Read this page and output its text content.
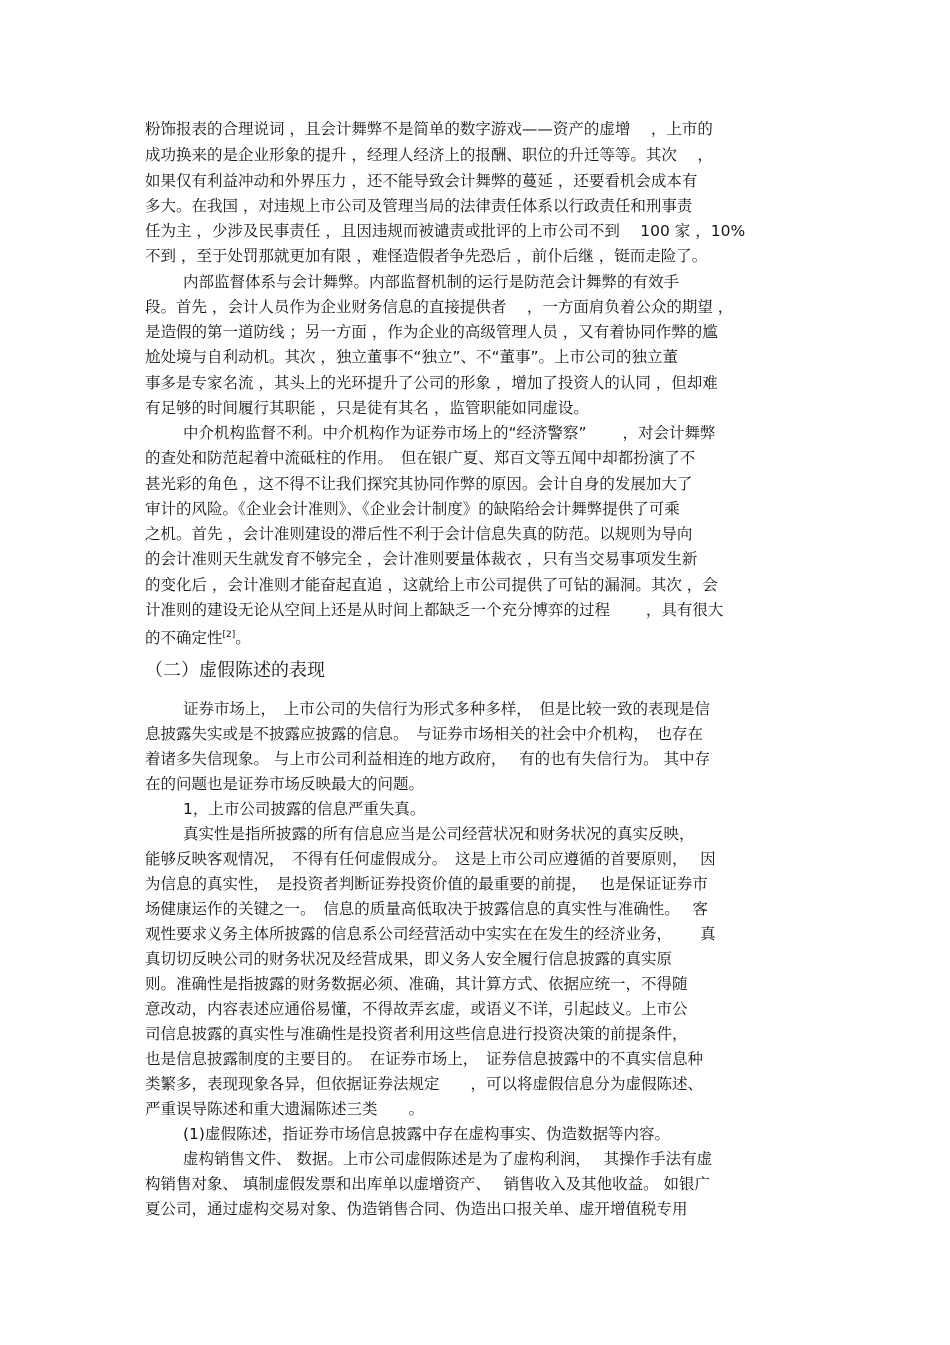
粉饰报表的合理说词 ，且会计舞弊不是简单的数字游戏——资产的虚增　 ，上市的
成功换来的是企业形象的提升 ，经理人经济上的报酬、职位的升迁等等。其次　 ，
如果仅有利益冲动和外界压力 ，还不能导致会计舞弊的蔓延 ，还要看机会成本有
多大。在我国 ，对违规上市公司及管理当局的法律责任体系以行政责任和刑事责
任为主 ，少涉及民事责任 ，且因违规而被谴责或批评的上市公司不到　 100 家 ，10%
不到 ，至于处罚那就更加有限 ，难怪造假者争先恐后 ，前仆后继 ，铤而走险了。
内部监督体系与会计舞弊。内部监督机制的运行是防范会计舞弊的有效手
段。首先 ，会计人员作为企业财务信息的直接提供者　 ，一方面肩负着公众的期望 ，
是造假的第一道防线 ；另一方面 ，作为企业的高级管理人员 ，又有着协同作弊的尴
尬处境与自利动机。其次 ，独立董事不“独立”、不“董事”。上市公司的独立董
事多是专家名流 ，其头上的光环提升了公司的形象 ，增加了投资人的认同 ，但却难
有足够的时间履行其职能 ，只是徒有其名 ，监管职能如同虚设。
中介机构监督不利。中介机构作为证券市场上的“经济警察”　　 ，对会计舞弊
的查处和防范起着中流砥柱的作用。　但在银广夏、郑百文等五闻中却都扮演了不
甚光彩的角色 ，这不得不让我们探究其协同作弊的原因。会计自身的发展加大了
审计的风险。《企业会计准则》、《企业会计制度》的缺陷给会计舞弊提供了可乘
之机。首先 ，会计准则建设的滞后性不利于会计信息失真的防范。以规则为导向
的会计准则天生就发育不够完全 ，会计准则要量体裁衣 ，只有当交易事项发生新
的变化后 ，会计准则才能奋起直追 ，这就给上市公司提供了可钻的漏洞。其次 ，会
计准则的建设无论从空间上还是从时间上都缺乏一个充分博弈的过程　　 ，具有很大
的不确定性[2]。
（二）虚假陈述的表现
证券市场上，　上市公司的失信行为形式多种多样，　但是比较一致的表现是信
息披露失实或是不披露应披露的信息。　与证券市场相关的社会中介机构，　也存在
着诸多失信现象。 与上市公司利益相连的地方政府，　 有的也有失信行为。 其中存
在的问题也是证券市场反映最大的问题。
1，上市公司披露的信息严重失真。
真实性是指所披露的所有信息应当是公司经营状况和财务状况的真实反映，
能够反映客观情况，　不得有任何虚假成分。　这是上市公司应遵循的首要原则，　 因
为信息的真实性，　是投资者判断证券投资价值的最重要的前提，　 也是保证证券市
场健康运作的关键之一。　信息的质量高低取决于披露信息的真实性与准确性。　 客
观性要求义务主体所披露的信息系公司经营活动中实实在在发生的经济业务，　　 真
真切切反映公司的财务状况及经营成果，即义务人安全履行信息披露的真实原
则。准确性是指披露的财务数据必须、准确，其计算方式、依据应统一，不得随
意改动，内容表述应通俗易懂，不得故弄玄虚，或语义不详，引起歧义。上市公
司信息披露的真实性与准确性是投资者利用这些信息进行投资决策的前提条件，
也是信息披露制度的主要目的。　在证券市场上，　证券信息披露中的不真实信息种
类繁多，表现现象各异，但依据证券法规定　　，可以将虚假信息分为虚假陈述、
严重误导陈述和重大遗漏陈述三类　　。
(1)虚假陈述，指证券市场信息披露中存在虚构事实、伪造数据等内容。
虚构销售文件、 数据。上市公司虚假陈述是为了虚构利润，　 其操作手法有虚
构销售对象、 填制虚假发票和出库单以虚增资产、　 销售收入及其他收益。 如银广
夏公司，通过虚构交易对象、伪造销售合同、伪造出口报关单、虚开增值税专用
